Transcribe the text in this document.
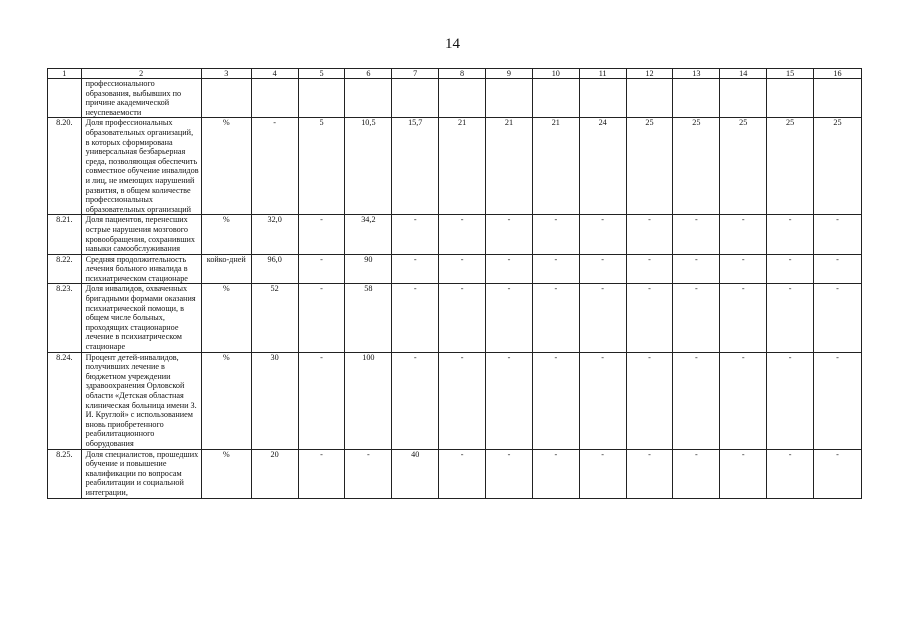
14
1	2	3	4	5	6	7	8	9	10	11	12	13	14	15	16
	профессионального образования, выбывших по причине академической неуспеваемости														
8.20.	Доля профессиональных образовательных организаций, в которых сформирована универсальная безбарьерная среда, позволяющая обеспечить совместное обучение инвалидов и лиц, не имеющих нарушений развития, в общем количестве профессиональных образовательных организаций	%	-	5	10,5	15,7	21	21	21	24	25	25	25	25	25
8.21.	Доля пациентов, перенесших острые нарушения мозгового кровообращения, сохранивших навыки самообслуживания	%	32,0	-	34,2	-	-	-	-	-	-	-	-	-	-
8.22.	Средняя продолжительность лечения больного инвалида в психиатрическом стационаре	койко-дней	96,0	-	90	-	-	-	-	-	-	-	-	-	-
8.23.	Доля инвалидов, охваченных бригадными формами оказания психиатрической помощи, в общем числе больных, проходящих стационарное лечение в психиатрическом стационаре	%	52	-	58	-	-	-	-	-	-	-	-	-	-
8.24.	Процент детей-инвалидов, получивших лечение в бюджетном учреждении здравоохранения Орловской области «Детская областная клиническая больница имени З. И. Круглой» с использованием вновь приобретенного реабилитационного оборудования	%	30	-	100	-	-	-	-	-	-	-	-	-	-
8.25.	Доля специалистов, прошедших обучение и повышение квалификации по вопросам реабилитации и социальной интеграции,	%	20	-	-	40	-	-	-	-	-	-	-	-	-
